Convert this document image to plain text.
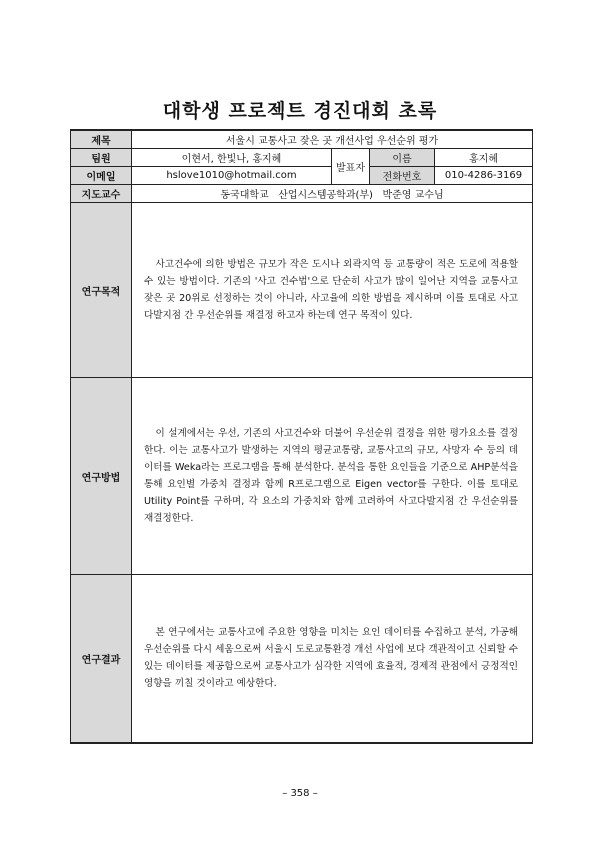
대학생 프로젝트 경진대회 초록
제목	서울시 교통사고 잦은 곳 개선사업 우선순위 평가			
팀원	이현서, 한빛나, 홍지혜	발표자	이름	홍지혜
이메일	hslove1010@hotmail.com		전화번호	010-4286-3169
지도교수	동국대학교   산업시스템공학과(부)   박준영 교수님			
연구목적	사고건수에 의한 방법은 규모가 작은 도시나 외곽지역 등 교통량이 적은 도로에 적용할 수 있는 방법이다. 기존의 '사고 건수법'으로 단순히 사고가 많이 일어난 지역을 교통사고 잦은 곳 20위로 선정하는 것이 아니라, 사고율에 의한 방법을 제시하며 이를 토대로 사고다발지점 간 우선순위를 재결정 하고자 하는데 연구 목적이 있다.			

연구방법	이 설계에서는 우선, 기존의 사고건수와 더불어 우선순위 결정을 위한 평가요소를 결정한다. 이는 교통사고가 발생하는 지역의 평균교통량, 교통사고의 규모, 사망자 수 등의 데이터를 Weka라는 프로그램을 통해 분석한다. 분석을 통한 요인들을 기준으로 AHP분석을 통해 요인별 가중치 결정과 함께 R프로그램으로 Eigen vector를 구한다. 이를 토대로 Utility Point를 구하며, 각 요소의 가중치와 함께 고려하여 사고다발지점 간 우선순위를 재결정한다.			

연구결과	본 연구에서는 교통사고에 주요한 영향을 미치는 요인 데이터를 수집하고 분석, 가공해 우선순위를 다시 세움으로써 서울시 도로교통환경 개선 사업에 보다 객관적이고 신뢰할 수 있는 데이터를 제공함으로써 교통사고가 심각한 지역에 효율적, 경제적 관점에서 긍정적인 영향을 끼칠 것이라고 예상한다.			

– 358 –
